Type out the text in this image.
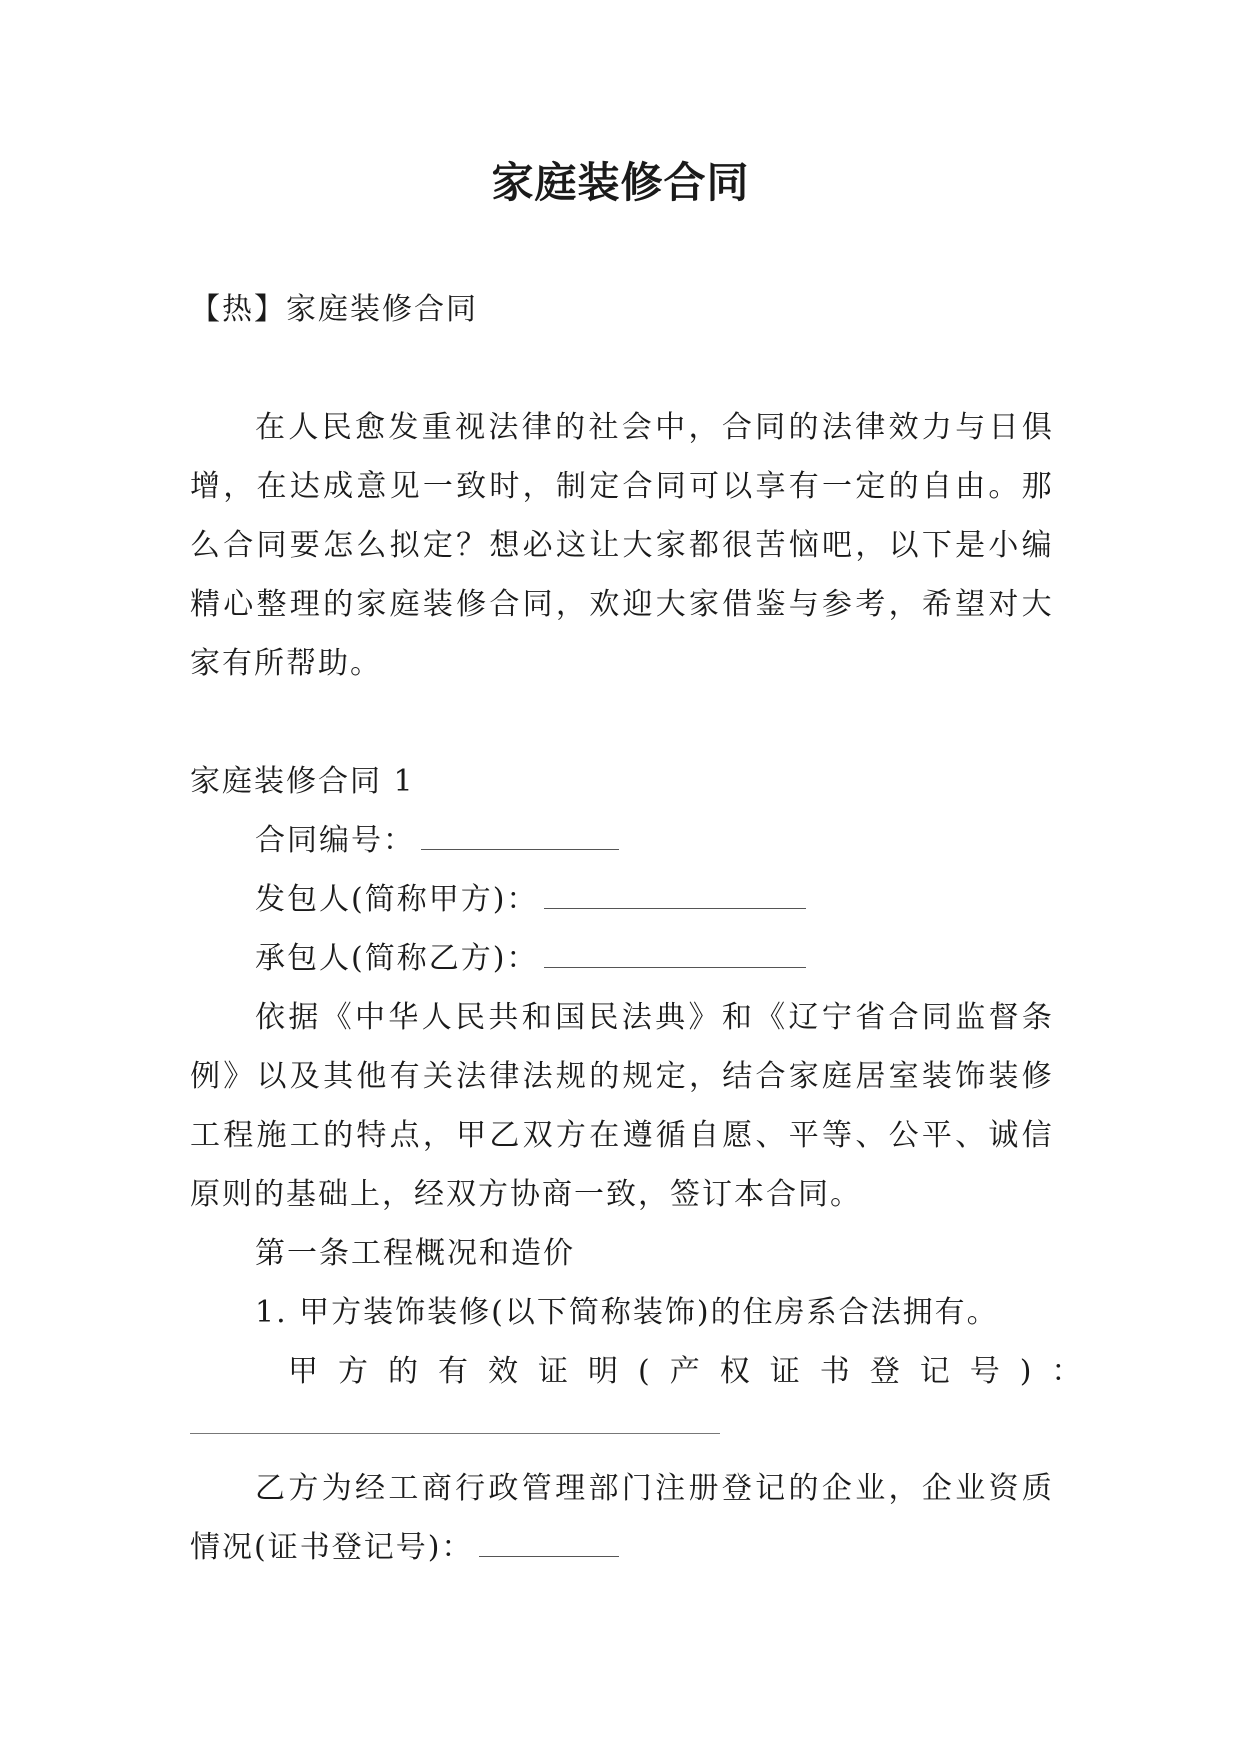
家庭装修合同
【热】家庭装修合同
在 人 民 愈 发 重 视 法 律 的 社 会 中 ， 合 同 的 法 律 效 力 与 日 俱
增 ， 在 达 成 意 见 一 致 时 ， 制 定 合 同 可 以 享 有 一 定 的 自 由 。 那
么 合 同 要 怎 么 拟 定 ？ 想 必 这 让 大 家 都 很 苦 恼 吧 ， 以 下 是 小 编
精 心 整 理 的 家 庭 装 修 合 同 ， 欢 迎 大 家 借 鉴 与 参 考 ， 希 望 对 大
家有所帮助。
家庭装修合同 1
合同编号：
发包人(简称甲方)：
承包人(简称乙方)：
依 据 《 中 华 人 民 共 和 国 民 法 典 》 和 《 辽 宁 省 合 同 监 督 条
例 》 以 及 其 他 有 关 法 律 法 规 的 规 定 ， 结 合 家 庭 居 室 装 饰 装 修
工 程 施 工 的 特 点 ， 甲 乙 双 方 在 遵 循 自 愿 、 平 等 、 公 平 、 诚 信
原则的基础上，经双方协商一致，签订本合同。
第一条工程概况和造价
1. 甲方装饰装修(以下简称装饰)的住房系合法拥有。
甲方的有效证明(产权证书登记号)：
乙 方 为 经 工 商 行 政 管 理 部 门 注 册 登 记 的 企 业 ， 企 业 资 质
情况(证书登记号)：
